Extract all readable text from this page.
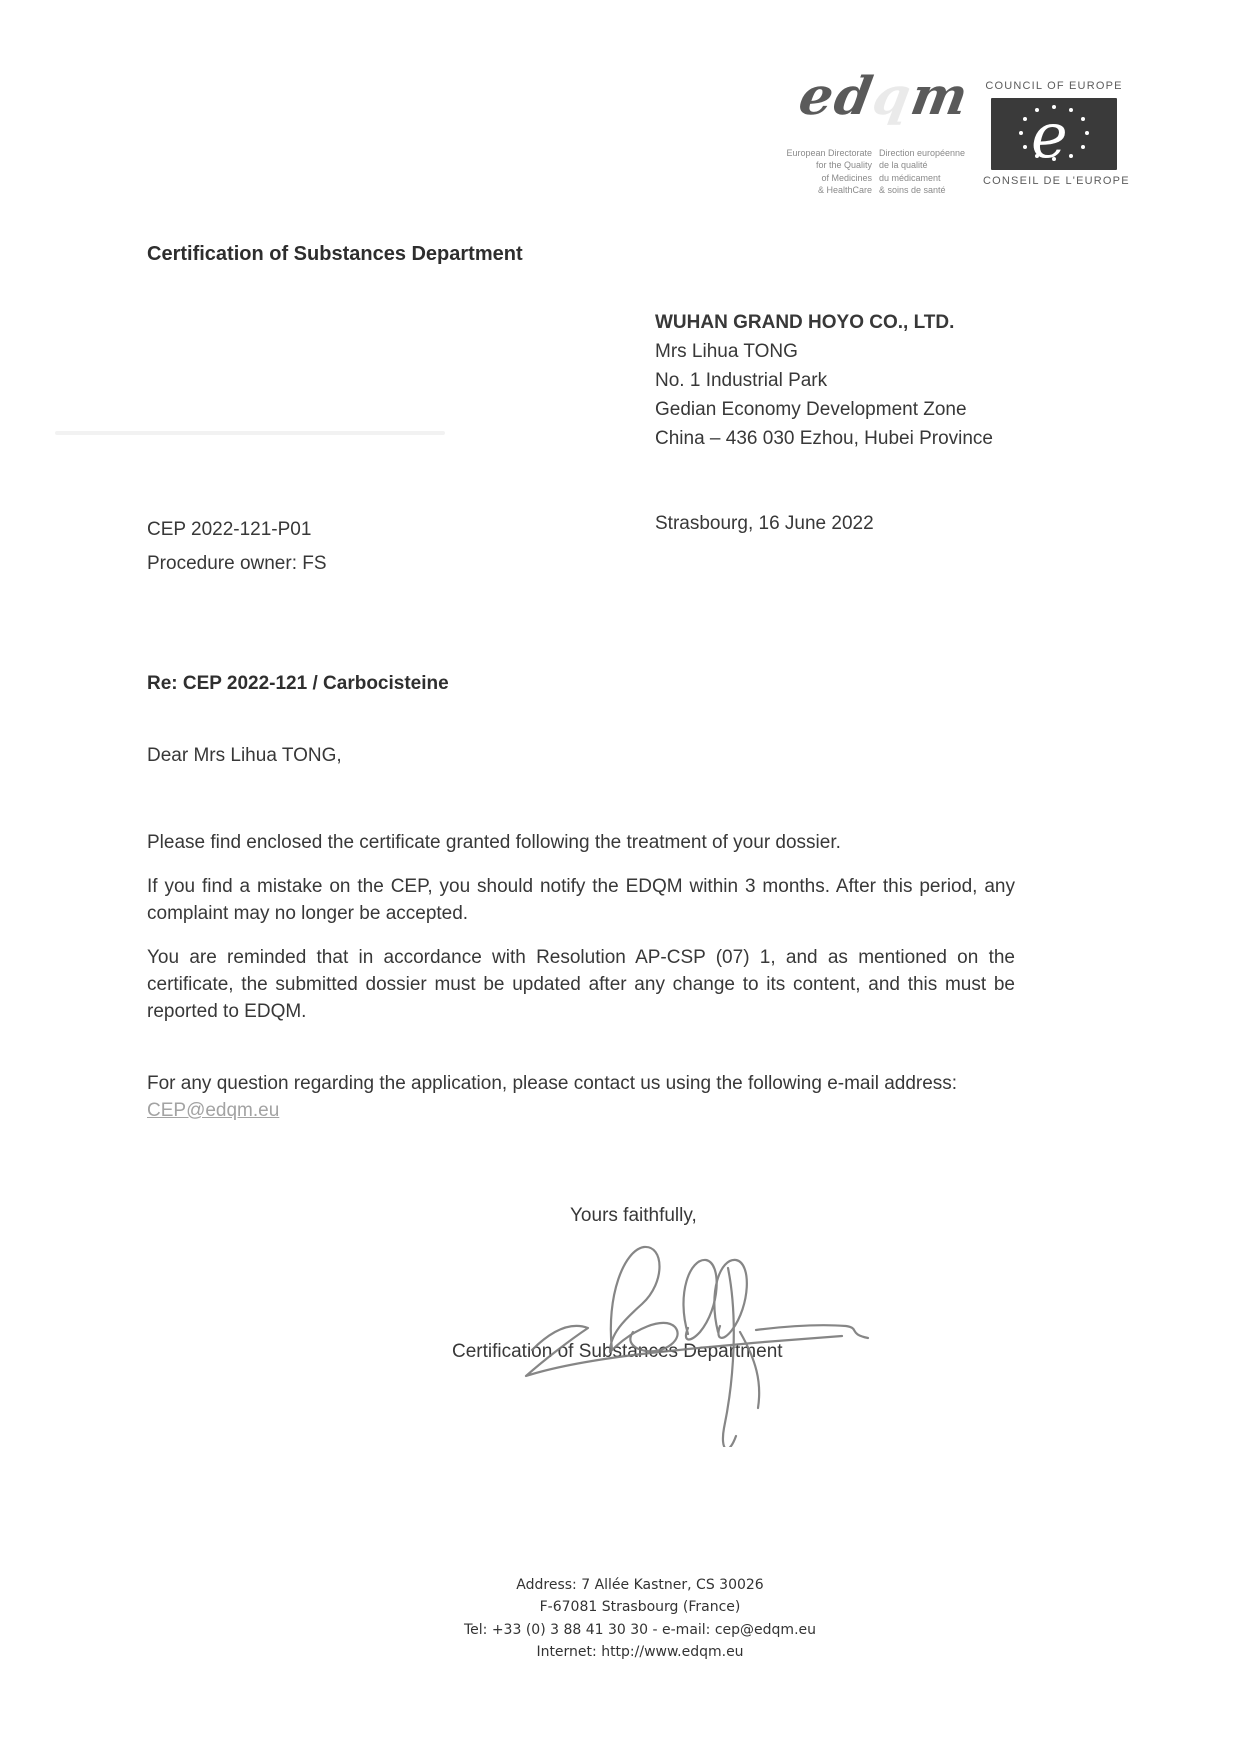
edqm
European Directorate
for the Quality
of Medicines
& HealthCare
Direction européenne
de la qualité
du médicament
& soins de santé
COUNCIL OF EUROPE
e
CONSEIL DE L'EUROPE
Certification of Substances Department
WUHAN GRAND HOYO CO., LTD.
Mrs Lihua TONG
No. 1 Industrial Park
Gedian Economy Development Zone
China – 436 030 Ezhou, Hubei Province
CEP 2022-121-P01
Procedure owner: FS
Strasbourg, 16 June 2022
Re: CEP 2022-121 / Carbocisteine
Dear Mrs Lihua TONG,
Please find enclosed the certificate granted following the treatment of your dossier.
If you find a mistake on the CEP, you should notify the EDQM within 3 months. After this period, any complaint may no longer be accepted.
You are reminded that in accordance with Resolution AP-CSP (07) 1, and as mentioned on the certificate, the submitted dossier must be updated after any change to its content, and this must be reported to EDQM.
For any question regarding the application, please contact us using the following e-mail address:
CEP@edqm.eu
Yours faithfully,
Certification of Substances Department
Address: 7 Allée Kastner, CS 30026
F-67081 Strasbourg (France)
Tel: +33 (0) 3 88 41 30 30 - e-mail: cep@edqm.eu
Internet: http://www.edqm.eu
